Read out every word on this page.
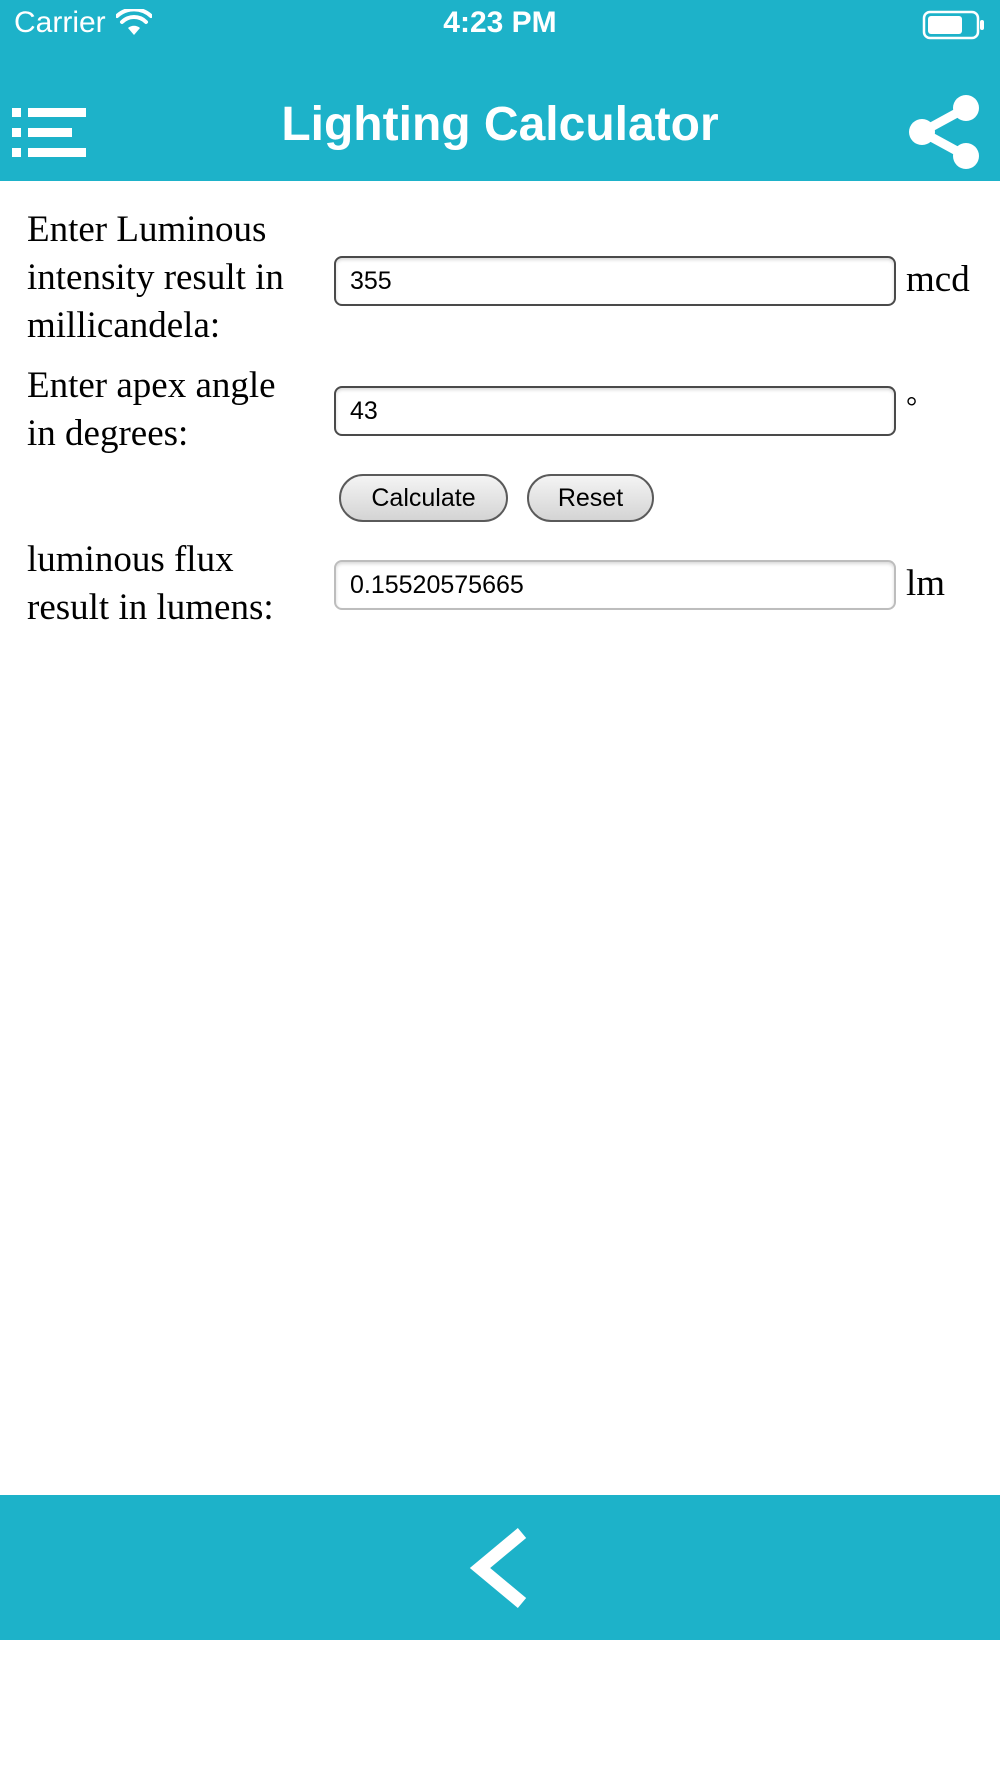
Carrier	4:23 PM
Lighting Calculator
Enter Luminous intensity result in millicandela:
355
mcd
Enter apex angle in degrees:
43
°
Calculate	Reset
luminous flux result in lumens:
0.15520575665
lm
